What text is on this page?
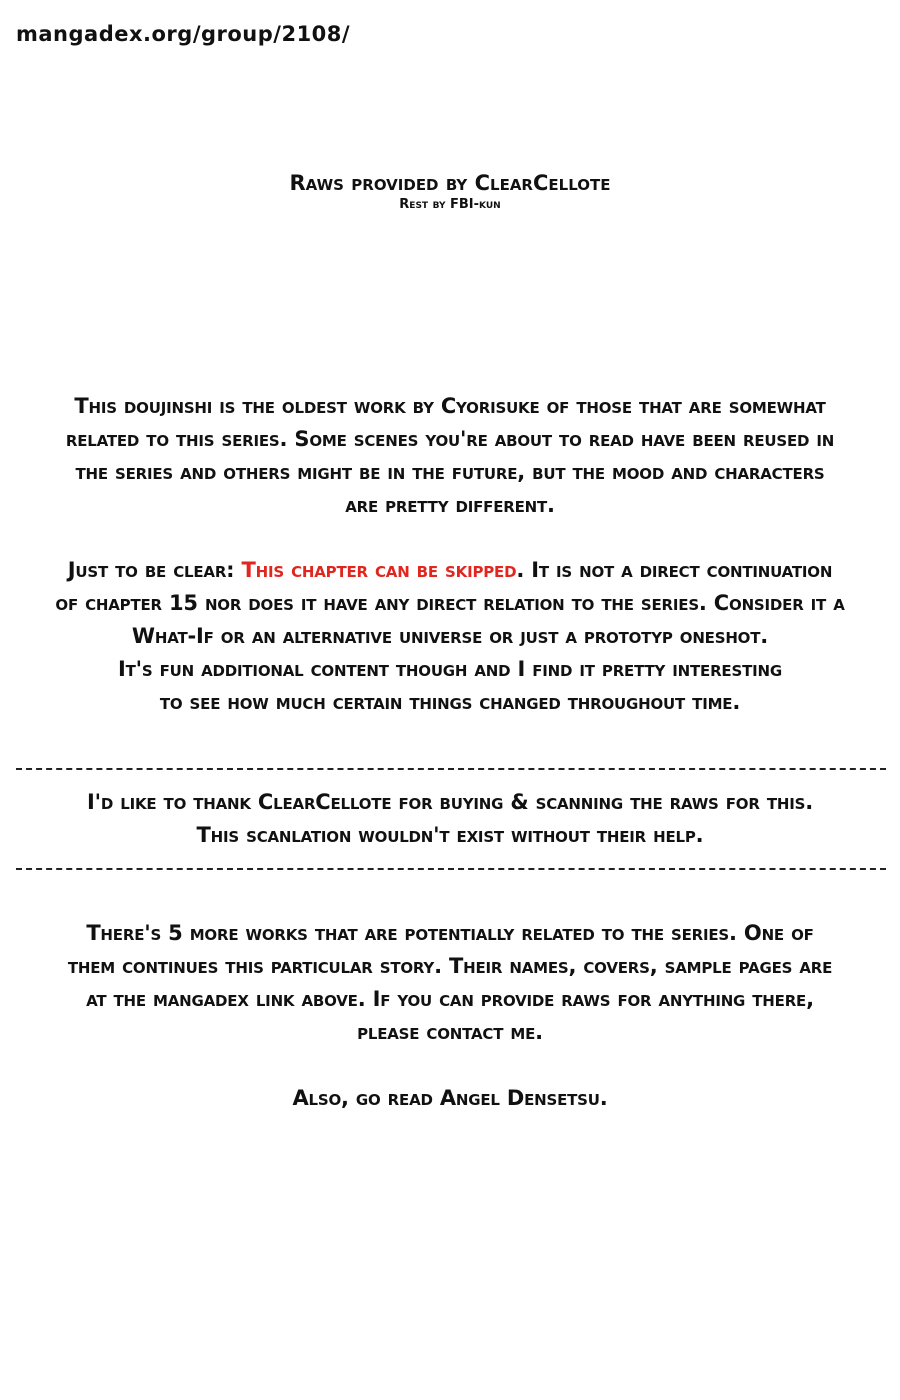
mangadex.org/group/2108/
Raws provided by ClearCellote
Rest by FBI-kun
This doujinshi is the oldest work by Cyorisuke of those that are somewhat
related to this series. Some scenes you're about to read have been reused in
the series and others might be in the future, but the mood and characters
are pretty different.
Just to be clear: This chapter can be skipped. It is not a direct continuation
of chapter 15 nor does it have any direct relation to the series. Consider it a
What-If or an alternative universe or just a prototyp oneshot.
It's fun additional content though and I find it pretty interesting
to see how much certain things changed throughout time.
I'd like to thank ClearCellote for buying & scanning the raws for this.
This scanlation wouldn't exist without their help.
There's 5 more works that are potentially related to the series. One of
them continues this particular story. Their names, covers, sample pages are
at the mangadex link above. If you can provide raws for anything there,
please contact me.
Also, go read Angel Densetsu.
